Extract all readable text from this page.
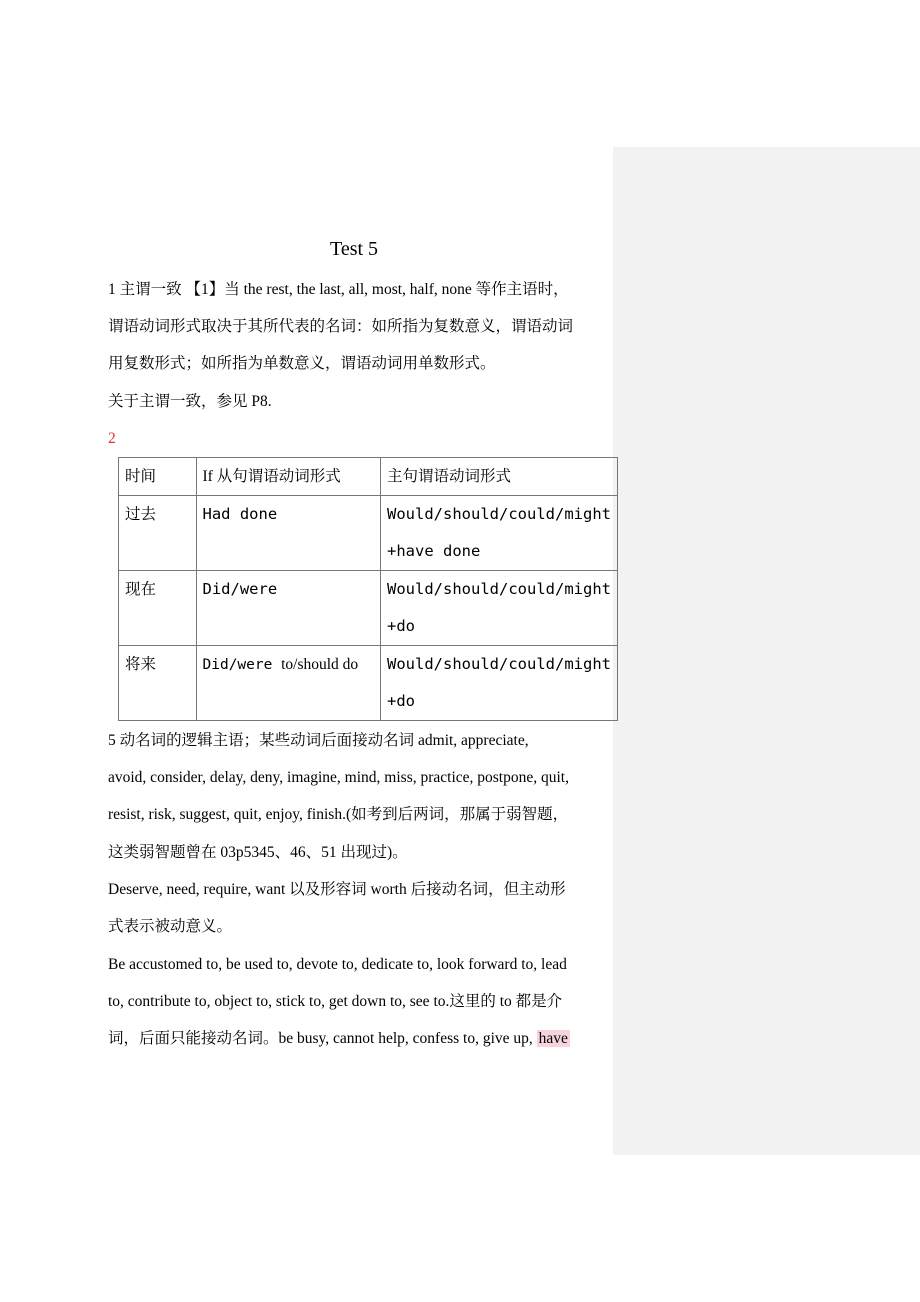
Test 5
1 主谓一致 【1】当 the rest, the last, all, most, half, none 等作主语时，
谓语动词形式取决于其所代表的名词：如所指为复数意义，谓语动词
用复数形式；如所指为单数意义，谓语动词用单数形式。
关于主谓一致，参见 P8.
2
时间	If 从句谓语动词形式	主句谓语动词形式
过去	Had done	Would/should/could/might
+have done

现在	Did/were	Would/should/could/might
+do

将来	Did/were to/should do	Would/should/could/might
+do
5 动名词的逻辑主语；某些动词后面接动名词 admit, appreciate,
avoid, consider, delay, deny, imagine, mind, miss, practice, postpone, quit,
resist, risk, suggest, quit, enjoy, finish.(如考到后两词，那属于弱智题，
这类弱智题曾在 03p5345、46、51 出现过)。
Deserve, need, require, want 以及形容词 worth 后接动名词，但主动形
式表示被动意义。
Be accustomed to, be used to, devote to, dedicate to, look forward to, lead
to, contribute to, object to, stick to, get down to, see to.这里的 to 都是介
词，后面只能接动名词。be busy, cannot help, confess to, give up, have
